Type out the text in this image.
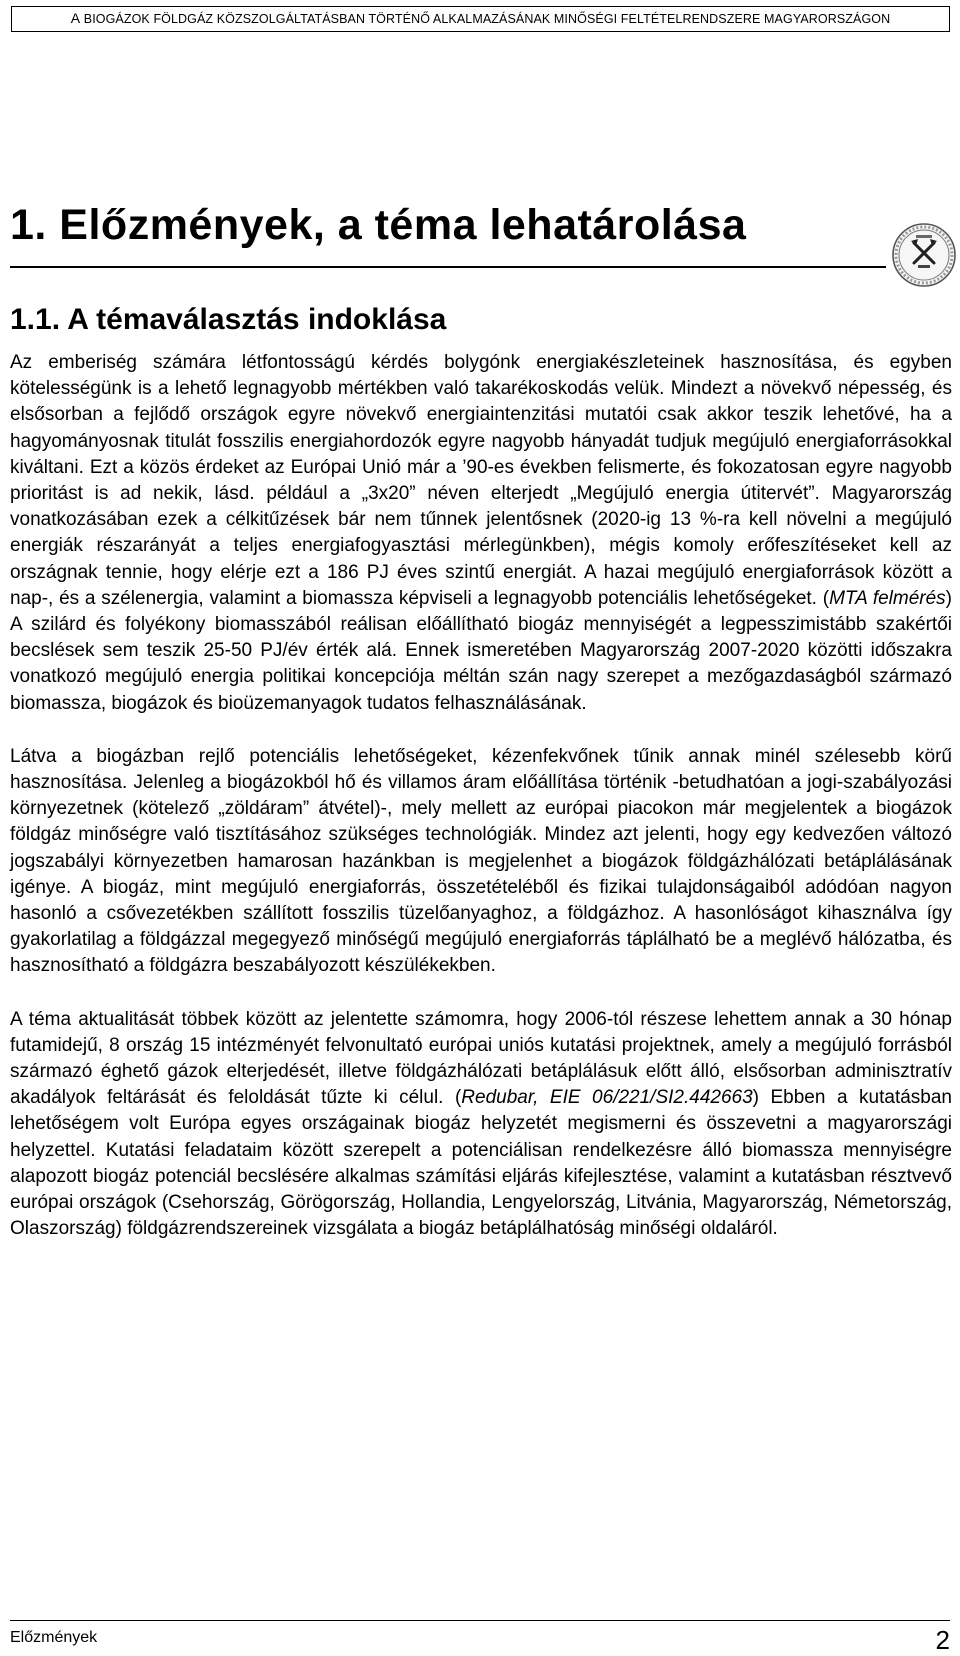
A BIOGÁZOK FÖLDGÁZ KÖZSZOLGÁLTATÁSBAN TÖRTÉNŐ ALKALMAZÁSÁNAK MINŐSÉGI FELTÉTELRENDSZERE MAGYARORSZÁGON
1. Előzmények, a téma lehatárolása
1.1. A témaválasztás indoklása

Az emberiség számára létfontosságú kérdés bolygónk energiakészleteinek hasznosítása, és egyben kötelességünk is a lehető legnagyobb mértékben való takarékoskodás velük. Mindezt a növekvő népesség, és elsősorban a fejlődő országok egyre növekvő energiaintenzitási mutatói csak akkor teszik lehetővé, ha a hagyományosnak titulát fosszilis energiahordozók egyre nagyobb hányadát tudjuk megújuló energiaforrásokkal kiváltani. Ezt a közös érdeket az Európai Unió már a ’90-es években felismerte, és fokozatosan egyre nagyobb prioritást is ad nekik, lásd. például a „3x20” néven elterjedt „Megújuló energia útitervét”. Magyarország vonatkozásában ezek a célkitűzések bár nem tűnnek jelentősnek (2020-ig 13 %-ra kell növelni a megújuló energiák részarányát a teljes energiafogyasztási mérlegünkben), mégis komoly erőfeszítéseket kell az országnak tennie, hogy elérje ezt a 186 PJ éves szintű energiát. A hazai megújuló energiaforrások között a nap-, és a szélenergia, valamint a biomassza képviseli a legnagyobb potenciális lehetőségeket. (MTA felmérés) A szilárd és folyékony biomasszából reálisan előállítható biogáz mennyiségét a legpesszimistább szakértői becslések sem teszik 25-50 PJ/év érték alá. Ennek ismeretében Magyarország 2007-2020 közötti időszakra vonatkozó megújuló energia politikai koncepciója méltán szán nagy szerepet a mezőgazdaságból származó biomassza, biogázok és bioüzemanyagok tudatos felhasználásának.

Látva a biogázban rejlő potenciális lehetőségeket, kézenfekvőnek tűnik annak minél szélesebb körű hasznosítása. Jelenleg a biogázokból hő és villamos áram előállítása történik -betudhatóan a jogi-szabályozási környezetnek (kötelező „zöldáram” átvétel)-, mely mellett az európai piacokon már megjelentek a biogázok földgáz minőségre való tisztításához szükséges technológiák. Mindez azt jelenti, hogy egy kedvezően változó jogszabályi környezetben hamarosan hazánkban is megjelenhet a biogázok földgázhálózati betáplálásának igénye. A biogáz, mint megújuló energiaforrás, összetételéből és fizikai tulajdonságaiból adódóan nagyon hasonló a csővezetékben szállított fosszilis tüzelőanyaghoz, a földgázhoz. A hasonlóságot kihasználva így gyakorlatilag a földgázzal megegyező minőségű megújuló energiaforrás táplálható be a meglévő hálózatba, és hasznosítható a földgázra beszabályozott készülékekben.

A téma aktualitását többek között az jelentette számomra, hogy 2006-tól részese lehettem annak a 30 hónap futamidejű, 8 ország 15 intézményét felvonultató európai uniós kutatási projektnek, amely a megújuló forrásból származó éghető gázok elterjedését, illetve földgázhálózati betáplálásuk előtt álló, elsősorban adminisztratív akadályok feltárását és feloldását tűzte ki célul. (Redubar, EIE 06/221/SI2.442663) Ebben a kutatásban lehetőségem volt Európa egyes országainak biogáz helyzetét megismerni és összevetni a magyarországi helyzettel. Kutatási feladataim között szerepelt a potenciálisan rendelkezésre álló biomassza mennyiségre alapozott biogáz potenciál becslésére alkalmas számítási eljárás kifejlesztése, valamint a kutatásban résztvevő európai országok (Csehország, Görögország, Hollandia, Lengyelország, Litvánia, Magyarország, Németország, Olaszország) földgázrendszereinek vizsgálata a biogáz betáplálhatóság minőségi oldaláról.

Előzmények	2
